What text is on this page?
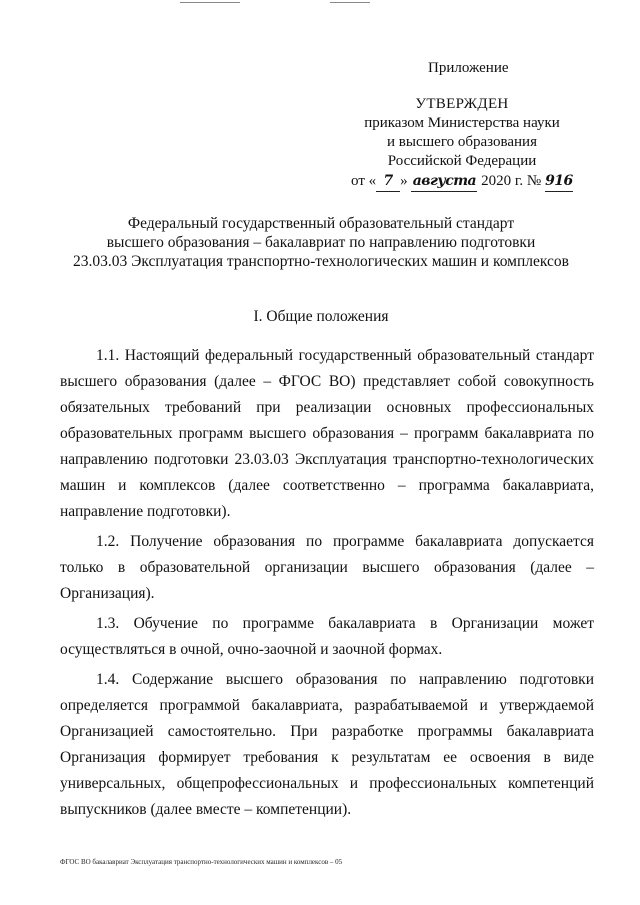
Приложение
УТВЕРЖДЕН
приказом Министерства науки
и высшего образования
Российской Федерации
от « 7 » августа 2020 г. № 916
Федеральный государственный образовательный стандарт
высшего образования – бакалавриат по направлению подготовки
23.03.03 Эксплуатация транспортно-технологических машин и комплексов
I. Общие положения

1.1. Настоящий федеральный государственный образовательный стандарт высшего образования (далее – ФГОС ВО) представляет собой совокупность обязательных требований при реализации основных профессиональных образовательных программ высшего образования – программ бакалавриата по направлению подготовки 23.03.03 Эксплуатация транспортно-технологических машин и комплексов (далее соответственно – программа бакалавриата, направление подготовки).

1.2. Получение образования по программе бакалавриата допускается только в образовательной организации высшего образования (далее – Организация).

1.3. Обучение по программе бакалавриата в Организации может осуществляться в очной, очно-заочной и заочной формах.

1.4. Содержание высшего образования по направлению подготовки определяется программой бакалавриата, разрабатываемой и утверждаемой Организацией самостоятельно. При разработке программы бакалавриата Организация формирует требования к результатам ее освоения в виде универсальных, общепрофессиональных и профессиональных компетенций выпускников (далее вместе – компетенции).

ФГОС ВО бакалавриат Эксплуатация транспортно-технологических машин и комплексов – 05
